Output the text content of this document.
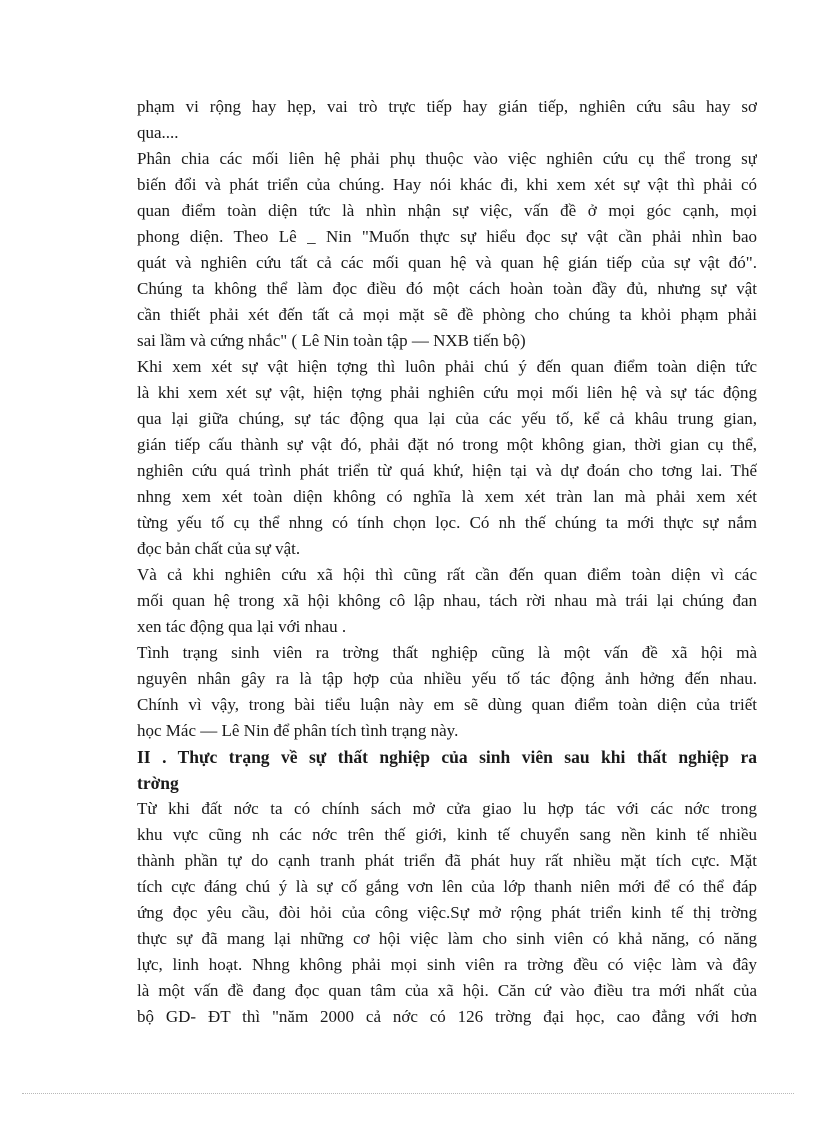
phạm vi rộng hay hẹp, vai trò trực tiếp hay gián tiếp, nghiên cứu sâu hay sơ
qua....
Phân chia các mối liên hệ phải phụ thuộc vào việc nghiên cứu cụ thể trong sự
biến đổi và phát triển của chúng. Hay nói khác đi, khi xem xét sự vật thì phải có
quan điểm toàn diện tức là nhìn nhận sự việc, vấn đề ở mọi góc cạnh, mọi
phong diện. Theo Lê _ Nin "Muốn thực sự hiểu đọc sự vật cần phải nhìn bao
quát và nghiên cứu tất cả các mối quan hệ và quan hệ gián tiếp của sự vật đó".
Chúng ta không thể làm đọc điều đó một cách hoàn toàn đầy đủ, nhưng sự vật
cần thiết phải xét đến tất cả mọi mặt sẽ đề phòng cho chúng ta khỏi phạm phải
sai lầm và cứng nhắc" ( Lê Nin toàn tập — NXB tiến bộ)
Khi xem xét sự vật hiện tợng thì luôn phải chú ý đến quan điểm toàn diện tức
là khi xem xét sự vật, hiện tợng phải nghiên cứu mọi mối liên hệ và sự tác động
qua lại giữa chúng, sự tác động qua lại của các yếu tố, kể cả khâu trung gian,
gián tiếp cấu thành sự vật đó, phải đặt nó trong một không gian, thời gian cụ thể,
nghiên cứu quá trình phát triển từ quá khứ, hiện tại và dự đoán cho tơng lai. Thế
nhng xem xét toàn diện không có nghĩa là xem xét tràn lan mà phải xem xét
từng yếu tố cụ thể nhng có tính chọn lọc. Có nh thế chúng ta mới thực sự nắm
đọc bản chất của sự vật.
Và cả khi nghiên cứu xã hội thì cũng rất cần đến quan điểm toàn diện vì các
mối quan hệ trong xã hội không cô lập nhau, tách rời nhau mà trái lại chúng đan
xen tác động qua lại với nhau .
Tình trạng sinh viên ra trờng thất nghiệp cũng là một vấn đề xã hội mà
nguyên nhân gây ra là tập hợp của nhiều yếu tố tác động ảnh hởng đến nhau.
Chính vì vậy, trong bài tiểu luận này em sẽ dùng quan điểm toàn diện của triết
học Mác — Lê Nin để phân tích tình trạng này.
II . Thực trạng về sự thất nghiệp của sinh viên sau khi thất nghiệp ra
trờng
Từ khi đất nớc ta có chính sách mở cửa giao lu hợp tác với các nớc trong
khu vực cũng nh các nớc trên thế giới, kinh tế chuyển sang nền kinh tế nhiều
thành phần tự do cạnh tranh phát triển đã phát huy rất nhiều mặt tích cực. Mặt
tích cực đáng chú ý là sự cố gắng vơn lên của lớp thanh niên mới để có thể đáp
ứng đọc yêu cầu, đòi hỏi của công việc.Sự mở rộng phát triển kinh tế thị trờng
thực sự đã mang lại những cơ hội việc làm cho sinh viên có khả năng, có năng
lực, linh hoạt. Nhng không phải mọi sinh viên ra trờng đều có việc làm và đây
là một vấn đề đang đọc quan tâm của xã hội. Căn cứ vào điều tra mới nhất của
bộ GD- ĐT thì "năm 2000 cả nớc có 126 trờng đại học, cao đẳng với hơn
